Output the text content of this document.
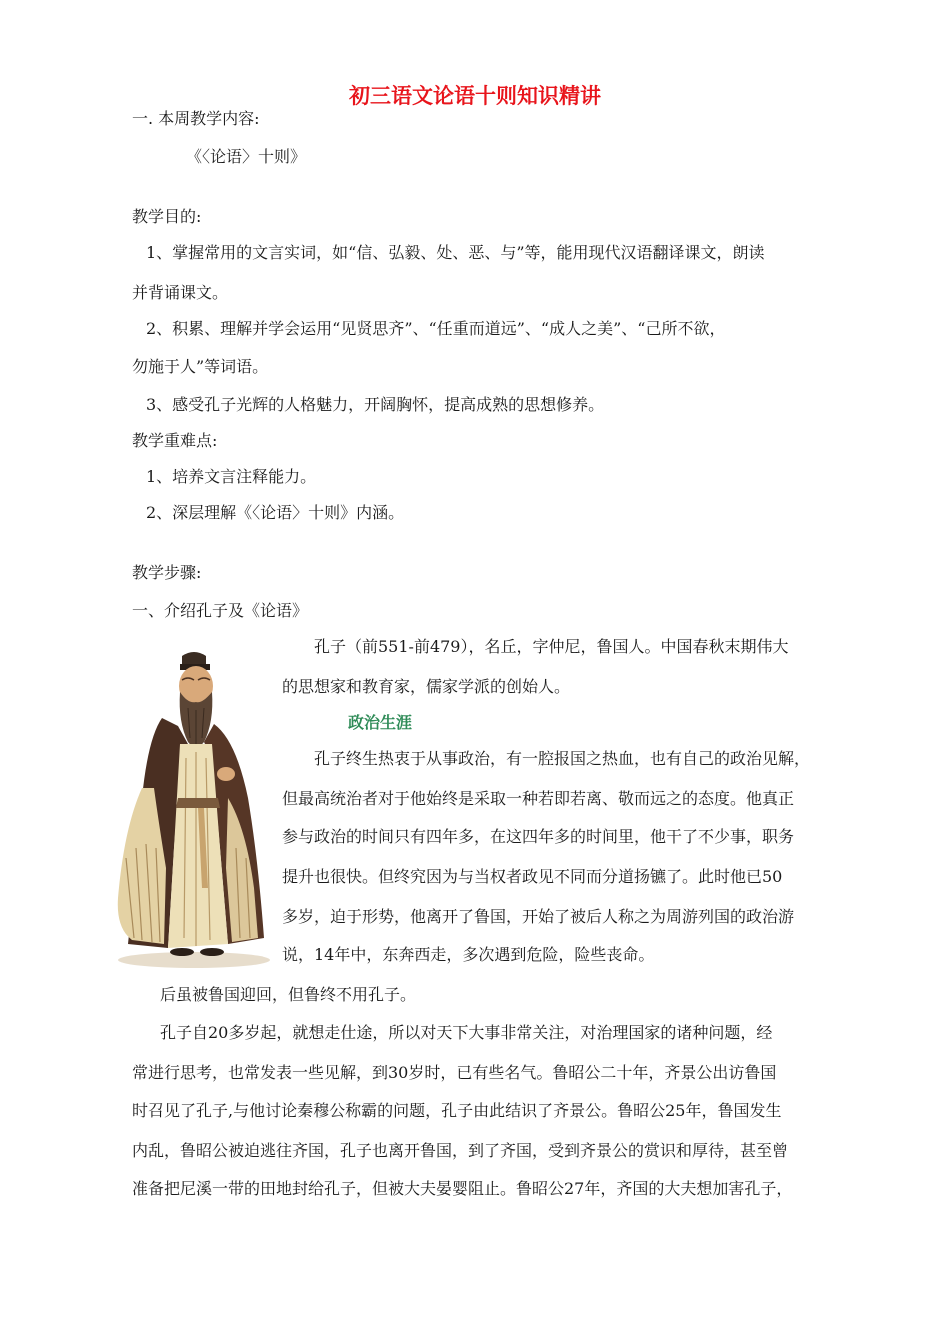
初三语文论语十则知识精讲
一. 本周教学内容:
《〈论语〉十则》
教学目的:
1、掌握常用的文言实词，如“信、弘毅、处、恶、与”等，能用现代汉语翻译课文，朗读
并背诵课文。
2、积累、理解并学会运用“见贤思齐”、“任重而道远”、“成人之美”、“己所不欲，
勿施于人”等词语。
3、感受孔子光辉的人格魅力，开阔胸怀，提高成熟的思想修养。
教学重难点:
1、培养文言注释能力。
2、深层理解《〈论语〉十则》内涵。
教学步骤:
一、介绍孔子及《论语》
孔子（前551-前479），名丘，字仲尼，鲁国人。中国春秋末期伟大
的思想家和教育家，儒家学派的创始人。
政治生涯
孔子终生热衷于从事政治，有一腔报国之热血，也有自己的政治见解，
但最高统治者对于他始终是采取一种若即若离、敬而远之的态度。他真正
参与政治的时间只有四年多，在这四年多的时间里，他干了不少事，职务
提升也很快。但终究因为与当权者政见不同而分道扬镳了。此时他已50
多岁，迫于形势，他离开了鲁国，开始了被后人称之为周游列国的政治游
说，14年中，东奔西走，多次遇到危险，险些丧命。
后虽被鲁国迎回，但鲁终不用孔子。
孔子自20多岁起，就想走仕途，所以对天下大事非常关注，对治理国家的诸种问题，经
常进行思考，也常发表一些见解，到30岁时，已有些名气。鲁昭公二十年，齐景公出访鲁国
时召见了孔子,与他讨论秦穆公称霸的问题，孔子由此结识了齐景公。鲁昭公25年，鲁国发生
内乱，鲁昭公被迫逃往齐国，孔子也离开鲁国，到了齐国，受到齐景公的赏识和厚待，甚至曾
准备把尼溪一带的田地封给孔子，但被大夫晏婴阻止。鲁昭公27年，齐国的大夫想加害孔子，
